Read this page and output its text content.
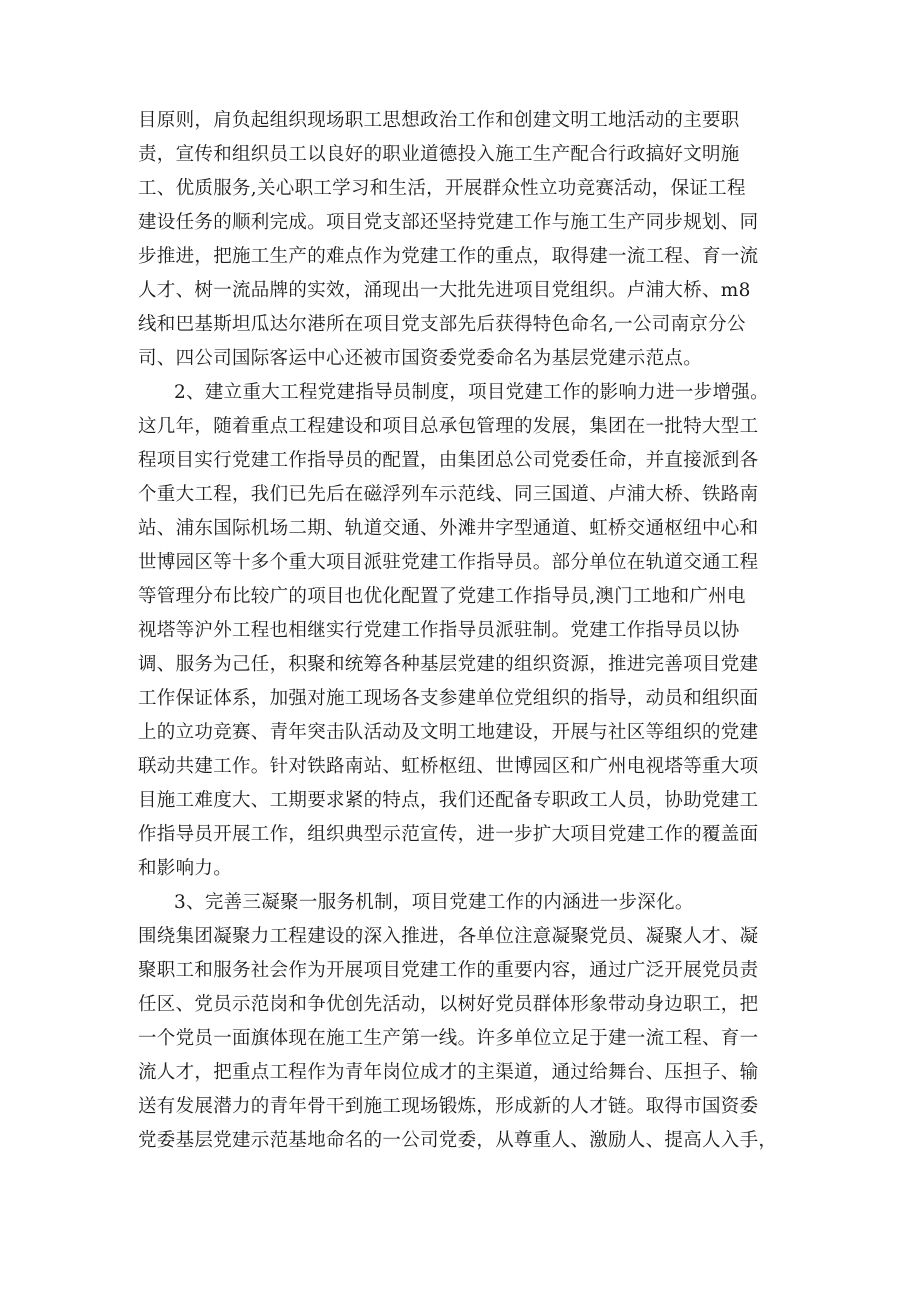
目原则，肩负起组织现场职工思想政治工作和创建文明工地活动的主要职
责，宣传和组织员工以良好的职业道德投入施工生产配合行政搞好文明施
工、优质服务,关心职工学习和生活，开展群众性立功竞赛活动，保证工程
建设任务的顺利完成。项目党支部还坚持党建工作与施工生产同步规划、同
步推进，把施工生产的难点作为党建工作的重点，取得建一流工程、育一流
人才、树一流品牌的实效，涌现出一大批先进项目党组织。卢浦大桥、m8
线和巴基斯坦瓜达尔港所在项目党支部先后获得特色命名,一公司南京分公
司、四公司国际客运中心还被市国资委党委命名为基层党建示范点。
2、建立重大工程党建指导员制度，项目党建工作的影响力进一步增强。
这几年，随着重点工程建设和项目总承包管理的发展，集团在一批特大型工
程项目实行党建工作指导员的配置，由集团总公司党委任命，并直接派到各
个重大工程，我们已先后在磁浮列车示范线、同三国道、卢浦大桥、铁路南
站、浦东国际机场二期、轨道交通、外滩井字型通道、虹桥交通枢纽中心和
世博园区等十多个重大项目派驻党建工作指导员。部分单位在轨道交通工程
等管理分布比较广的项目也优化配置了党建工作指导员,澳门工地和广州电
视塔等沪外工程也相继实行党建工作指导员派驻制。党建工作指导员以协
调、服务为己任，积聚和统筹各种基层党建的组织资源，推进完善项目党建
工作保证体系，加强对施工现场各支参建单位党组织的指导，动员和组织面
上的立功竞赛、青年突击队活动及文明工地建设，开展与社区等组织的党建
联动共建工作。针对铁路南站、虹桥枢纽、世博园区和广州电视塔等重大项
目施工难度大、工期要求紧的特点，我们还配备专职政工人员，协助党建工
作指导员开展工作，组织典型示范宣传，进一步扩大项目党建工作的覆盖面
和影响力。
3、完善三凝聚一服务机制，项目党建工作的内涵进一步深化。
围绕集团凝聚力工程建设的深入推进，各单位注意凝聚党员、凝聚人才、凝
聚职工和服务社会作为开展项目党建工作的重要内容，通过广泛开展党员责
任区、党员示范岗和争优创先活动，以树好党员群体形象带动身边职工，把
一个党员一面旗体现在施工生产第一线。许多单位立足于建一流工程、育一
流人才，把重点工程作为青年岗位成才的主渠道，通过给舞台、压担子、输
送有发展潜力的青年骨干到施工现场锻炼，形成新的人才链。取得市国资委
党委基层党建示范基地命名的一公司党委，从尊重人、激励人、提高人入手，
